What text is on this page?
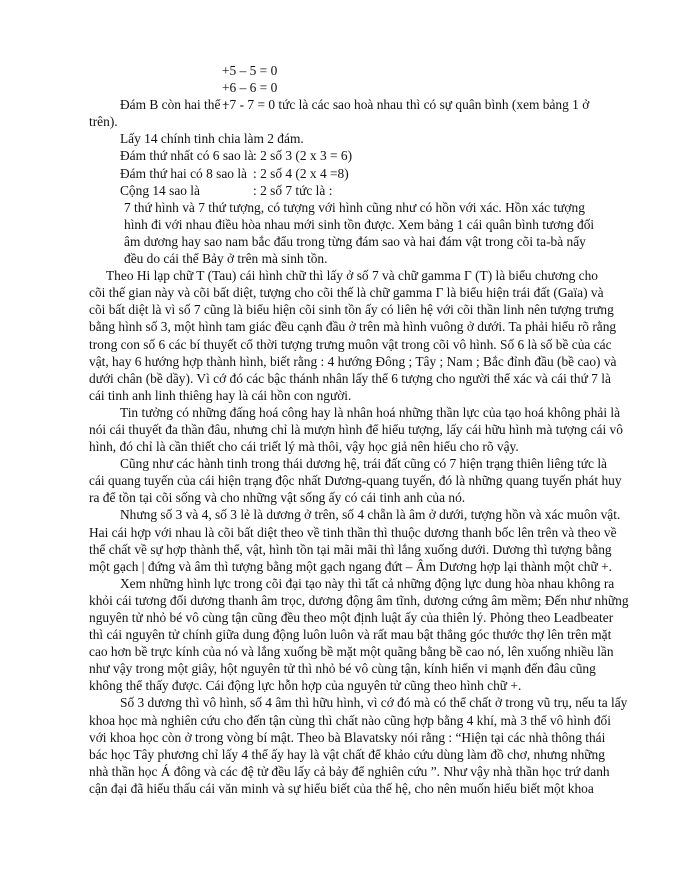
+5 – 5 = 0
+6 – 6 = 0
Đám B còn hai thể :+7 - 7 = 0 tức là các sao hoà nhau thì có sự quân bình (xem bảng 1 ở
trên).
Lấy 14 chính tinh chia làm 2 đám.
Đám thứ nhất có 6 sao là : 2 số 3 (2 x 3 = 6)
Đám thứ hai có 8 sao là : 2 số 4 (2 x 4 =8)
Cộng 14 sao là	: 2 số 7 tức là :
7 thứ hình và 7 thứ tượng, có tượng với hình cũng như có hồn với xác. Hồn xác tượng
hình đi với nhau điều hòa nhau mới sinh tồn được. Xem bảng 1 cái quân bình tương đối
âm dương hay sao nam bắc đẩu trong từng đám sao và hai đám vật trong cõi ta-bà nẩy
đều do cái thể Bảy ở trên mà sinh tồn.
Theo Hi lạp chữ T (Tau) cái hình chữ thì lấy ở số 7 và chữ gamma Γ (T) là biểu chương cho
cõi thế gian này và cõi bất diệt, tượng cho cõi thế là chữ gamma Γ là biểu hiện trái đất (Gaïa) và
cõi bất diệt là vì số 7 cũng là biểu hiện cõi sinh tồn ấy có liên hệ với cõi thần linh nên tượng trưng
bằng hình số 3, một hình tam giác đều cạnh đầu ở trên mà hình vuông ở dưới. Ta phải hiểu rõ rằng
trong con số 6 các bí thuyết cổ thời tượng trưng muôn vật trong cõi vô hình. Số 6 là số bề của các
vật, hay 6 hướng hợp thành hình, biết rằng : 4 hướng Đông ; Tây ; Nam ; Bắc đỉnh đầu (bề cao) và
dưới chân (bề dầy). Vì cớ đó các bậc thánh nhân lấy thể 6 tượng cho người thể xác và cái thứ 7 là
cái tinh anh linh thiêng hay là cái hồn con người.
Tin tưởng có những đấng hoá công hay là nhân hoá những thần lực của tạo hoá không phải là
nói cái thuyết đa thần đâu, nhưng chỉ là mượn hình để hiểu tượng, lấy cái hữu hình mà tượng cái vô
hình, đó chỉ là cần thiết cho cái triết lý mà thôi, vậy học giả nên hiểu cho rõ vậy.
Cũng như các hành tinh trong thái dương hệ, trái đất cũng có 7 hiện trạng thiên liêng tức là
cái quang tuyến của cái hiện trạng độc nhất Dương-quang tuyến, đó là những quang tuyến phát huy
ra để tồn tại cõi sống và cho những vật sống ấy có cái tinh anh của nó.
Nhưng số 3 và 4, số 3 lẻ là dương ở trên, số 4 chẵn là âm ở dưới, tượng hồn và xác muôn vật.
Hai cái hợp với nhau là cõi bất diệt theo về tinh thần thì thuộc dương thanh bốc lên trên và theo về
thể chất về sự hợp thành thể, vật, hình tồn tại mãi mãi thì lắng xuống dưới. Dương thì tượng bằng
một gạch | đứng và âm thì tượng bằng một gạch ngang đứt – Âm Dương hợp lại thành một chữ +.
Xem những hình lực trong cõi đại tạo này thì tất cả những động lực dung hòa nhau không ra
khỏi cái tương đối dương thanh âm trọc, dương động âm tĩnh, dương cứng âm mềm; Đến như những
nguyên tử nhỏ bé vô cùng tận cũng đều theo một định luật ấy của thiên lý. Phỏng theo Leadbeater
thì cái nguyên tử chính giữa dung động luôn luôn và rất mau bật thẳng góc thước thợ lên trên mặt
cao hơn bề trực kính của nó và lắng xuống bề mặt một quãng bằng bề cao nó, lên xuống nhiều lần
như vậy trong một giây, hột nguyên tử thì nhỏ bé vô cùng tận, kính hiển vi mạnh đến đâu cũng
không thể thấy được. Cái động lực hỗn hợp của nguyên tử cũng theo hình chữ +.
Số 3 dương thì vô hình, số 4 âm thì hữu hình, vì cớ đó mà có thể chất ở trong vũ trụ, nếu ta lấy
khoa học mà nghiên cứu cho đến tận cùng thì chất nào cũng hợp bằng 4 khí, mà 3 thể vô hình đối
với khoa học còn ở trong vòng bí mật. Theo bà Blavatsky nói rằng : “Hiện tại các nhà thông thái
bác học Tây phương chỉ lấy 4 thể ấy hay là vật chất để khảo cứu dùng làm đồ chơ, nhưng những
nhà thần học Á đông và các đệ tử đều lấy cả bảy để nghiên cứu ”. Như vậy nhà thần học trứ danh
cận đại đã hiểu thấu cái văn minh và sự hiểu biết của thế hệ, cho nên muốn hiểu biết một khoa
